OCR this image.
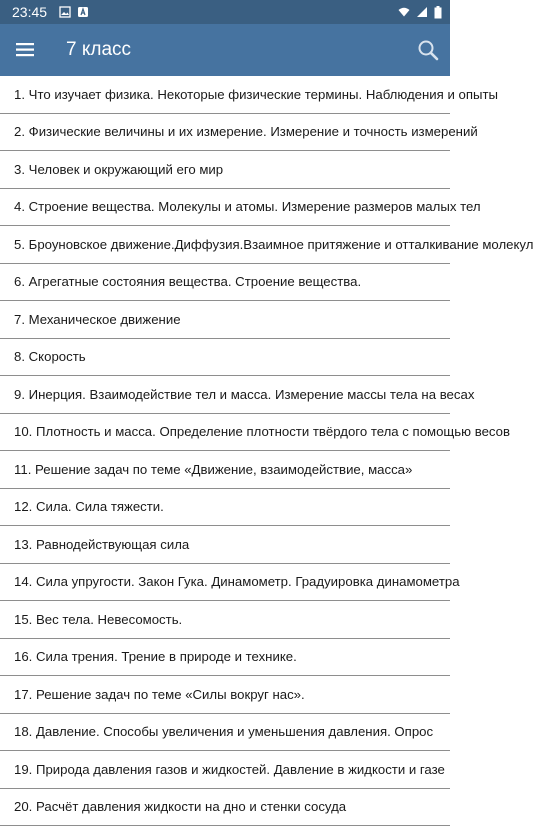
23:45
7 класс
1. Что изучает физика. Некоторые физические термины. Наблюдения и опыты
2. Физические величины и их измерение. Измерение и точность измерений
3. Человек и окружающий его мир
4. Строение вещества. Молекулы и атомы. Измерение размеров малых тел
5. Броуновское движение.Диффузия.Взаимное притяжение и отталкивание молекул
6. Агрегатные состояния вещества. Строение вещества.
7. Механическое движение
8. Скорость
9. Инерция. Взаимодействие тел и масса. Измерение массы тела на весах
10. Плотность и масса. Определение плотности твёрдого тела с помощью весов
11. Решение задач по теме «Движение, взаимодействие, масса»
12. Сила. Сила тяжести.
13. Равнодействующая сила
14. Сила упругости. Закон Гука. Динамометр. Градуировка динамометра
15. Вес тела. Невесомость.
16. Сила трения. Трение в природе и технике.
17. Решение задач по теме «Силы вокруг нас».
18. Давление. Способы увеличения и уменьшения давления. Опрос
19. Природа давления газов и жидкостей. Давление в жидкости и газе
20. Расчёт давления жидкости на дно и стенки сосуда
